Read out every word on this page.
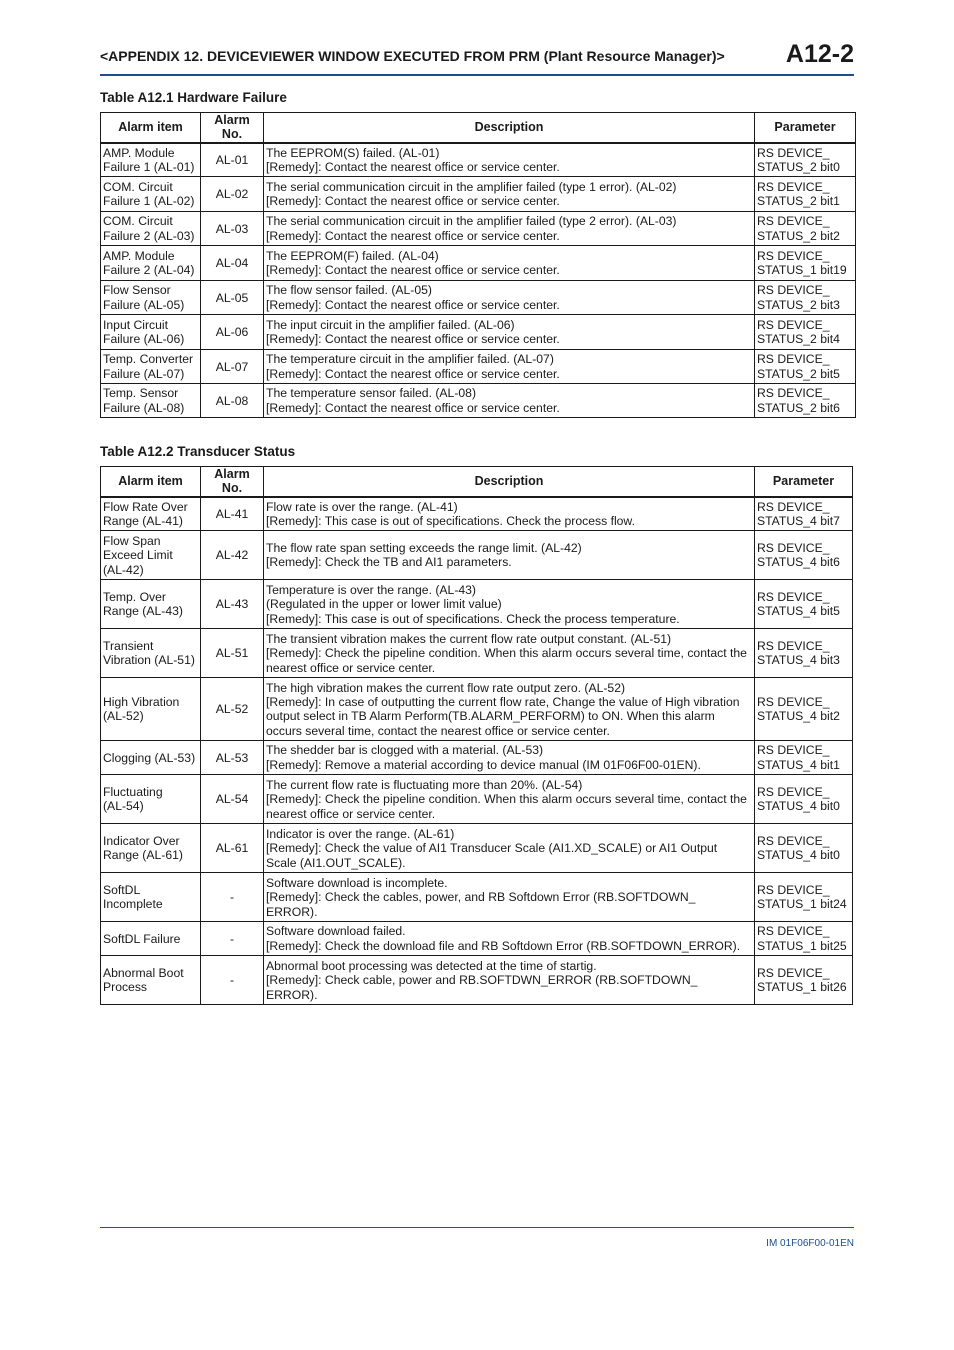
<APPENDIX 12. DEVICEVIEWER WINDOW EXECUTED FROM PRM (Plant Resource Manager)> A12-2
Table A12.1 Hardware Failure
Alarm item	Alarm No.	Description	Parameter

AMP. Module
Failure 1 (AL-01)	AL-01	The EEPROM(S) failed. (AL-01)
[Remedy]: Contact the nearest office or service center.	RS DEVICE_
STATUS_2 bit0

COM. Circuit
Failure 1 (AL-02)	AL-02	The serial communication circuit in the amplifier failed (type 1 error). (AL-02)
[Remedy]: Contact the nearest office or service center.	RS DEVICE_
STATUS_2 bit1

COM. Circuit
Failure 2 (AL-03)	AL-03	The serial communication circuit in the amplifier failed (type 2 error). (AL-03)
[Remedy]: Contact the nearest office or service center.	RS DEVICE_
STATUS_2 bit2

AMP. Module
Failure 2 (AL-04)	AL-04	The EEPROM(F) failed. (AL-04)
[Remedy]: Contact the nearest office or service center.	RS DEVICE_
STATUS_1 bit19

Flow Sensor
Failure (AL-05)	AL-05	The flow sensor failed. (AL-05)
[Remedy]: Contact the nearest office or service center.	RS DEVICE_
STATUS_2 bit3

Input Circuit
Failure (AL-06)	AL-06	The input circuit in the amplifier failed. (AL-06)
[Remedy]: Contact the nearest office or service center.	RS DEVICE_
STATUS_2 bit4

Temp. Converter
Failure (AL-07)	AL-07	The temperature circuit in the amplifier failed. (AL-07)
[Remedy]: Contact the nearest office or service center.	RS DEVICE_
STATUS_2 bit5

Temp. Sensor
Failure (AL-08)	AL-08	The temperature sensor failed. (AL-08)
[Remedy]: Contact the nearest office or service center.	RS DEVICE_
STATUS_2 bit6
Table A12.2 Transducer Status
Alarm item	Alarm No.	Description	Parameter

Flow Rate Over
Range (AL-41)	AL-41	Flow rate is over the range. (AL-41)
[Remedy]: This case is out of specifications. Check the process flow.	RS DEVICE_
STATUS_4 bit7

Flow Span
Exceed Limit
(AL-42)	AL-42	The flow rate span setting exceeds the range limit. (AL-42)
[Remedy]: Check the TB and AI1 parameters.	RS DEVICE_
STATUS_4 bit6

Temp. Over
Range (AL-43)	AL-43	Temperature is over the range. (AL-43)
(Regulated in the upper or lower limit value)
[Remedy]: This case is out of specifications. Check the process temperature.	RS DEVICE_
STATUS_4 bit5

Transient
Vibration (AL-51)	AL-51	The transient vibration makes the current flow rate output constant. (AL-51)
[Remedy]: Check the pipeline condition. When this alarm occurs several time, contact the
nearest office or service center.	RS DEVICE_
STATUS_4 bit3

High Vibration
(AL-52)	AL-52	The high vibration makes the current flow rate output zero. (AL-52)
[Remedy]: In case of outputting the current flow rate, Change the value of High vibration
output select in TB Alarm Perform(TB.ALARM_PERFORM) to ON. When this alarm
occurs several time, contact the nearest office or service center.	RS DEVICE_
STATUS_4 bit2

Clogging (AL-53)	AL-53	The shedder bar is clogged with a material. (AL-53)
[Remedy]: Remove a material according to device manual (IM 01F06F00-01EN).	RS DEVICE_
STATUS_4 bit1

Fluctuating
(AL-54)	AL-54	The current flow rate is fluctuating more than 20%. (AL-54)
[Remedy]: Check the pipeline condition. When this alarm occurs several time, contact the
nearest office or service center.	RS DEVICE_
STATUS_4 bit0

Indicator Over
Range (AL-61)	AL-61	Indicator is over the range. (AL-61)
[Remedy]: Check the value of AI1 Transducer Scale (AI1.XD_SCALE) or AI1 Output
Scale (AI1.OUT_SCALE).	RS DEVICE_
STATUS_4 bit0

SoftDL
Incomplete	-	Software download is incomplete.
[Remedy]: Check the cables, power, and RB Softdown Error (RB.SOFTDOWN_
ERROR).	RS DEVICE_
STATUS_1 bit24

SoftDL Failure	-	Software download failed.
[Remedy]: Check the download file and RB Softdown Error (RB.SOFTDOWN_ERROR).	RS DEVICE_
STATUS_1 bit25

Abnormal Boot
Process	-	Abnormal boot processing was detected at the time of startig.
[Remedy]: Check cable, power and RB.SOFTDWN_ERROR (RB.SOFTDOWN_
ERROR).	RS DEVICE_
STATUS_1 bit26
IM 01F06F00-01EN
